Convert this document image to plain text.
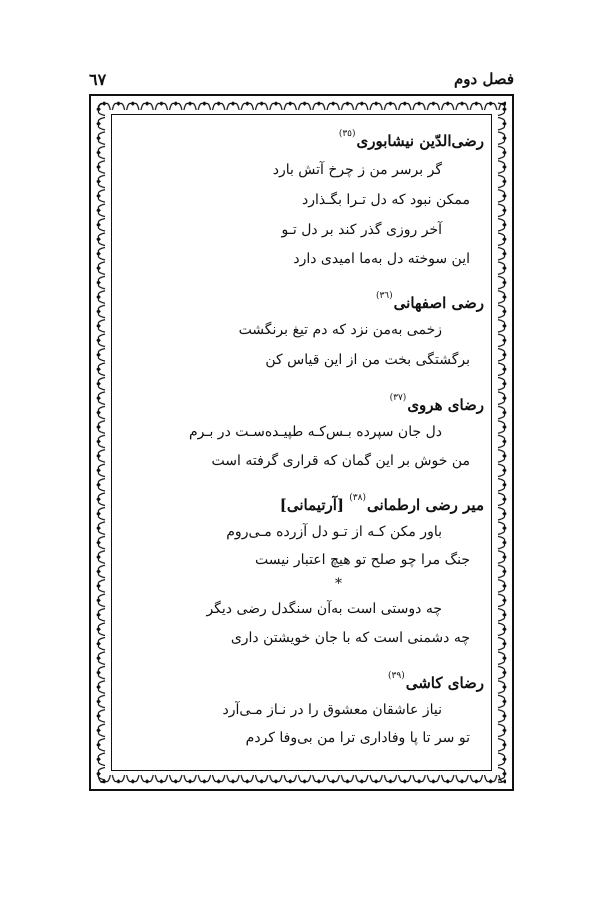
٦٧	فصل دوم
رضی‌الدّین نیشابوری$^{(٣٥)}$
گر برسر من ز چرخ آتش بارد
ممکن نبود که دل تـرا بگـذارد
آخر روزی گذر کند بر دل تـو
این سوخته دل به‌ما امیدی دارد
رضی اصفهانی$^{(٣٦)}$
زخمی به‌من نزد که دم تیغ برنگشت
برگشتگی بخت من از این قیاس کن
رضای هروی$^{(٣٧)}$
دل جان سپرده بـس‌کـه طپیـده‌سـت در بـرم
من خوش بر این گمان که قراری گرفته است
میر رضی ارطمانی$^{(٣٨)}$ [آرتیمانی]
باور مکن کـه از تـو دل آزرده مـی‌روم
جنگ مرا چو صلح تو هیچ اعتبار نیست
*
چه دوستی است به‌آن سنگدل رضی دیگر
چه دشمنی است که با جان خویشتن داری
رضای کاشی$^{(٣٩)}$
نیاز عاشقان معشوق را در نـاز مـی‌آرد
تو سر تا پا وفاداری ترا من بی‌وفا کردم
